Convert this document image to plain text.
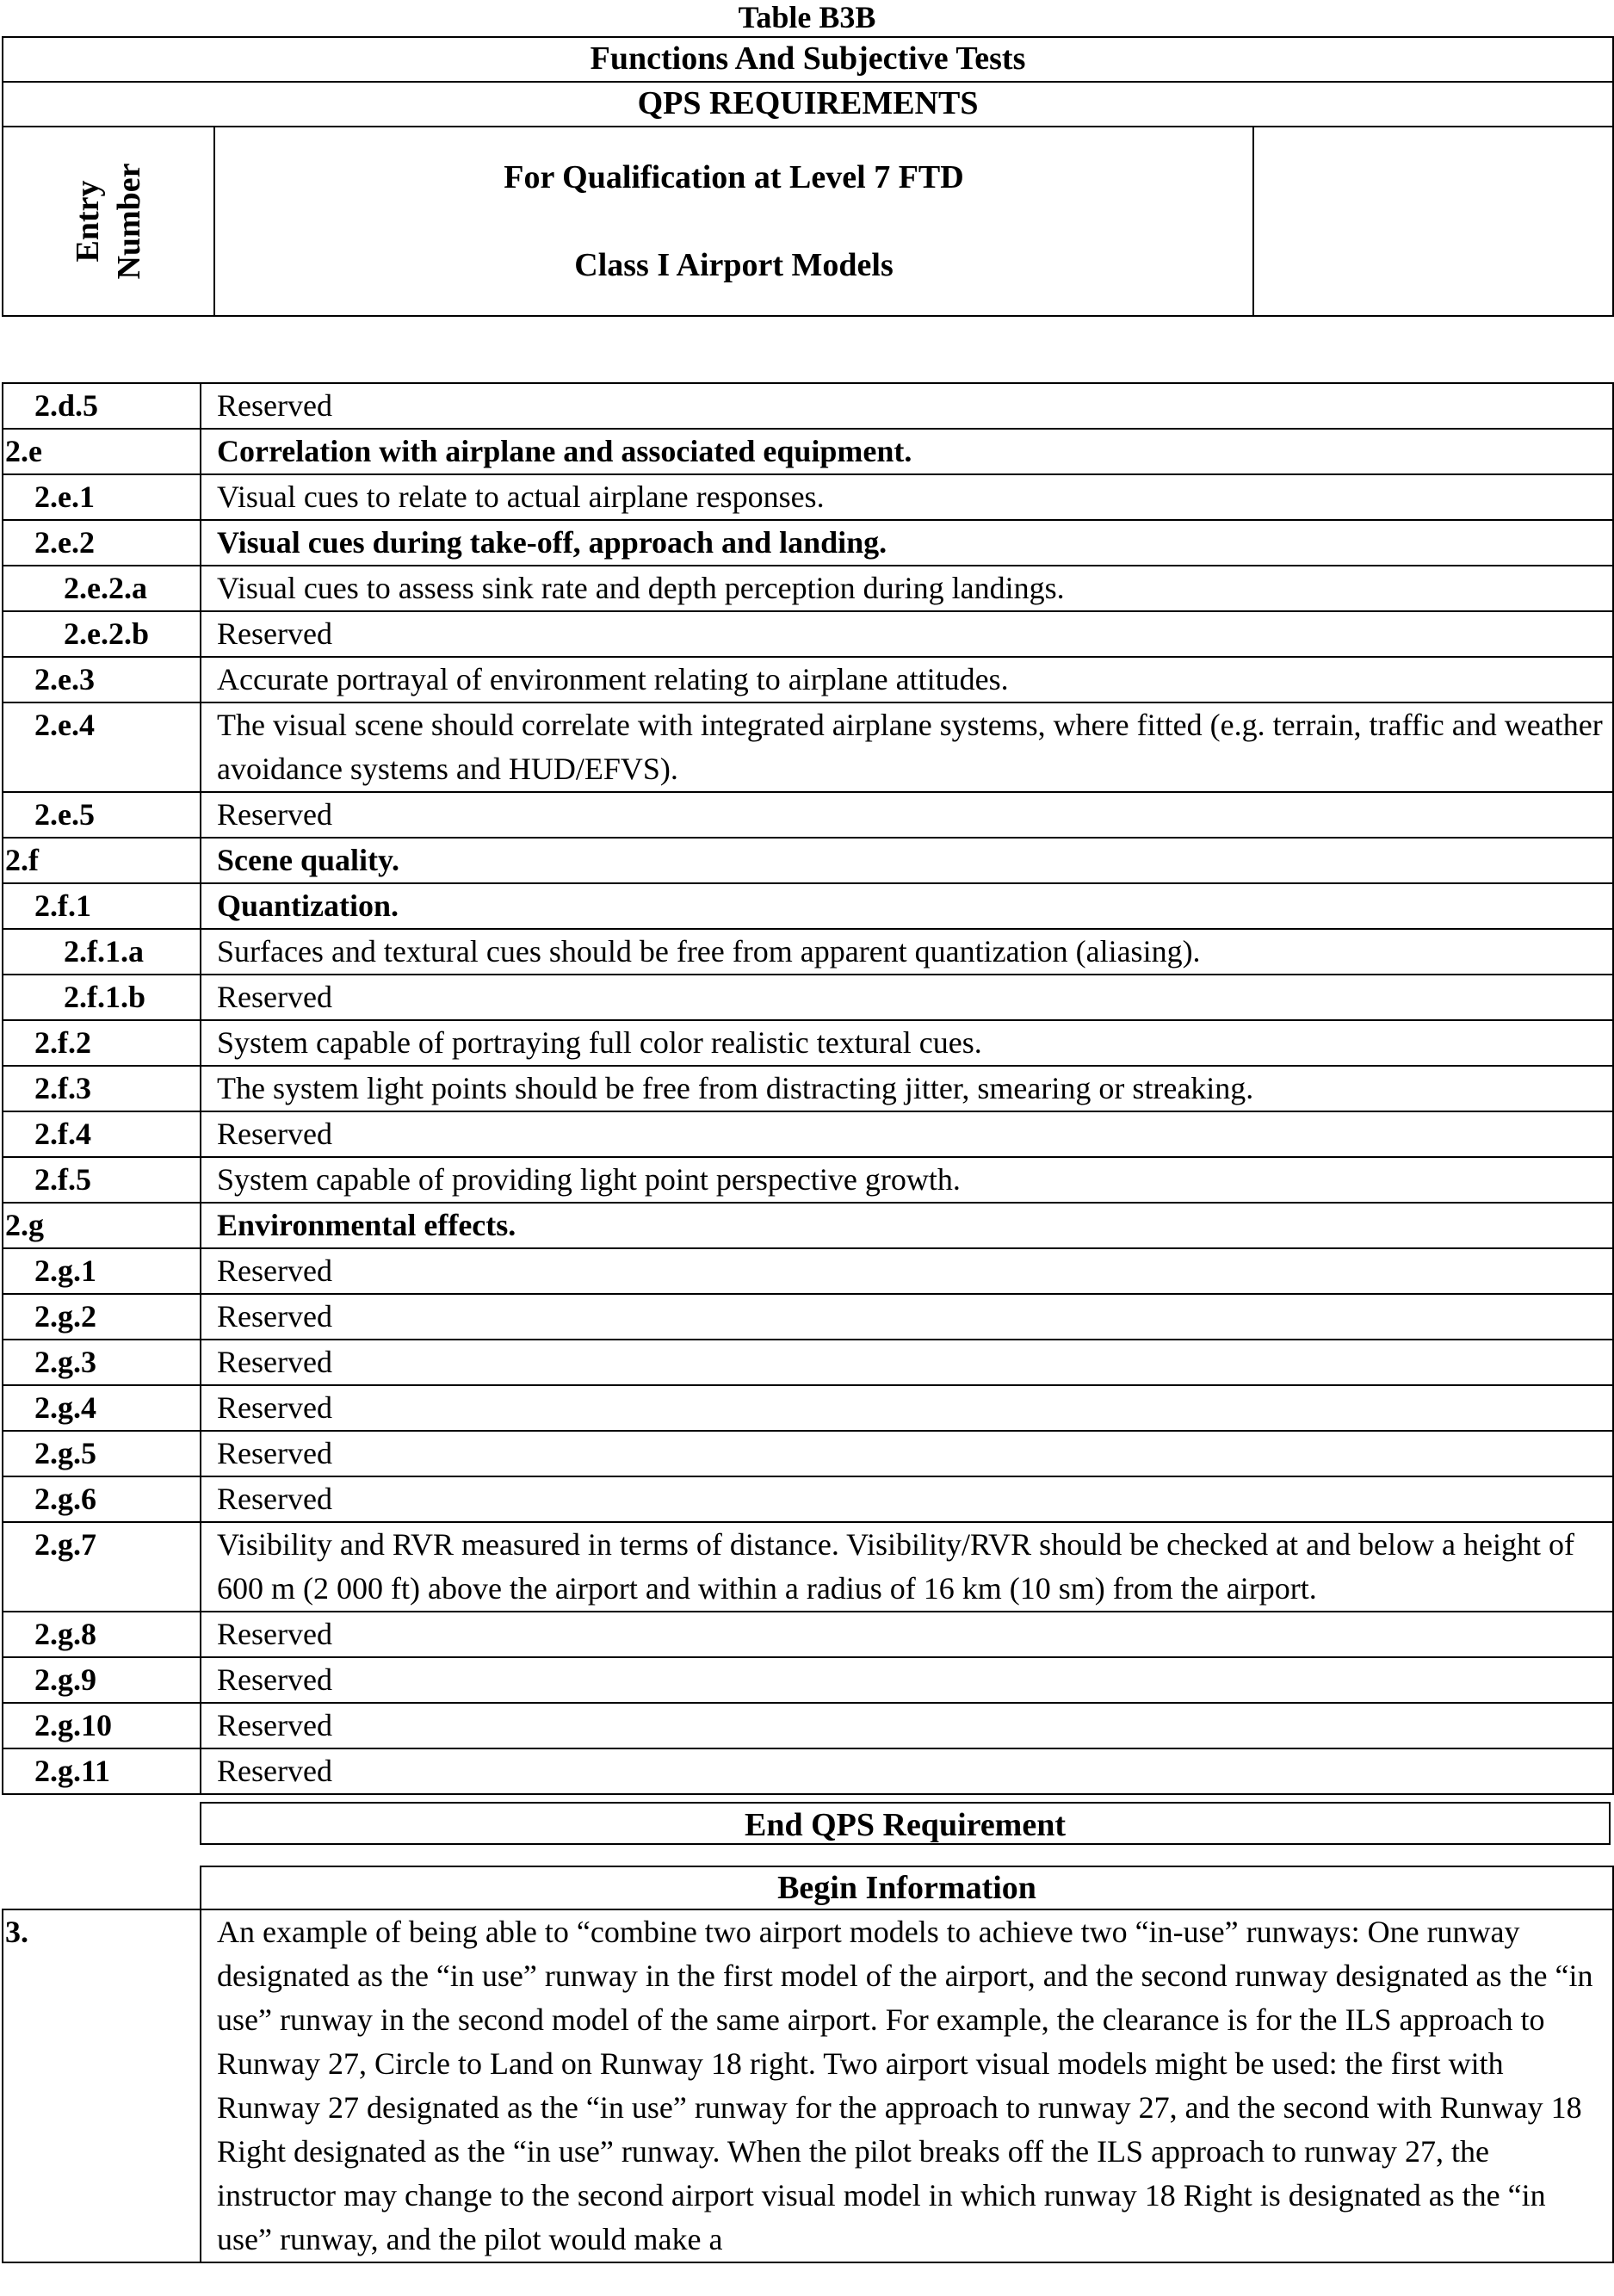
Table B3B
Functions And Subjective Tests
QPS REQUIREMENTS

Entry Number	For Qualification at Level 7 FTD
Class I Airport Models

2.d.5	Reserved
2.e	Correlation with airplane and associated equipment.
2.e.1	Visual cues to relate to actual airplane responses.
2.e.2	Visual cues during take-off, approach and landing.
2.e.2.a	Visual cues to assess sink rate and depth perception during landings.
2.e.2.b	Reserved
2.e.3	Accurate portrayal of environment relating to airplane attitudes.
2.e.4	The visual scene should correlate with integrated airplane systems, where fitted (e.g. terrain, traffic and weather avoidance systems and HUD/EFVS).
2.e.5	Reserved
2.f	Scene quality.
2.f.1	Quantization.
2.f.1.a	Surfaces and textural cues should be free from apparent quantization (aliasing).
2.f.1.b	Reserved
2.f.2	System capable of portraying full color realistic textural cues.
2.f.3	The system light points should be free from distracting jitter, smearing or streaking.
2.f.4	Reserved
2.f.5	System capable of providing light point perspective growth.
2.g	Environmental effects.
2.g.1	Reserved
2.g.2	Reserved
2.g.3	Reserved
2.g.4	Reserved
2.g.5	Reserved
2.g.6	Reserved
2.g.7	Visibility and RVR measured in terms of distance. Visibility/RVR should be checked at and below a height of 600 m (2 000 ft) above the airport and within a radius of 16 km (10 sm) from the airport.
2.g.8	Reserved
2.g.9	Reserved
2.g.10	Reserved
2.g.11	Reserved
End QPS Requirement
	Begin Information
3.	An example of being able to “combine two airport models to achieve two “in-use” runways: One runway designated as the “in use” runway in the first model of the airport, and the second runway designated as the “in use” runway in the second model of the same airport. For example, the clearance is for the ILS approach to Runway 27, Circle to Land on Runway 18 right. Two airport visual models might be used: the first with Runway 27 designated as the “in use” runway for the approach to runway 27, and the second with Runway 18 Right designated as the “in use” runway. When the pilot breaks off the ILS approach to runway 27, the instructor may change to the second airport visual model in which runway 18 Right is designated as the “in use” runway, and the pilot would make a
